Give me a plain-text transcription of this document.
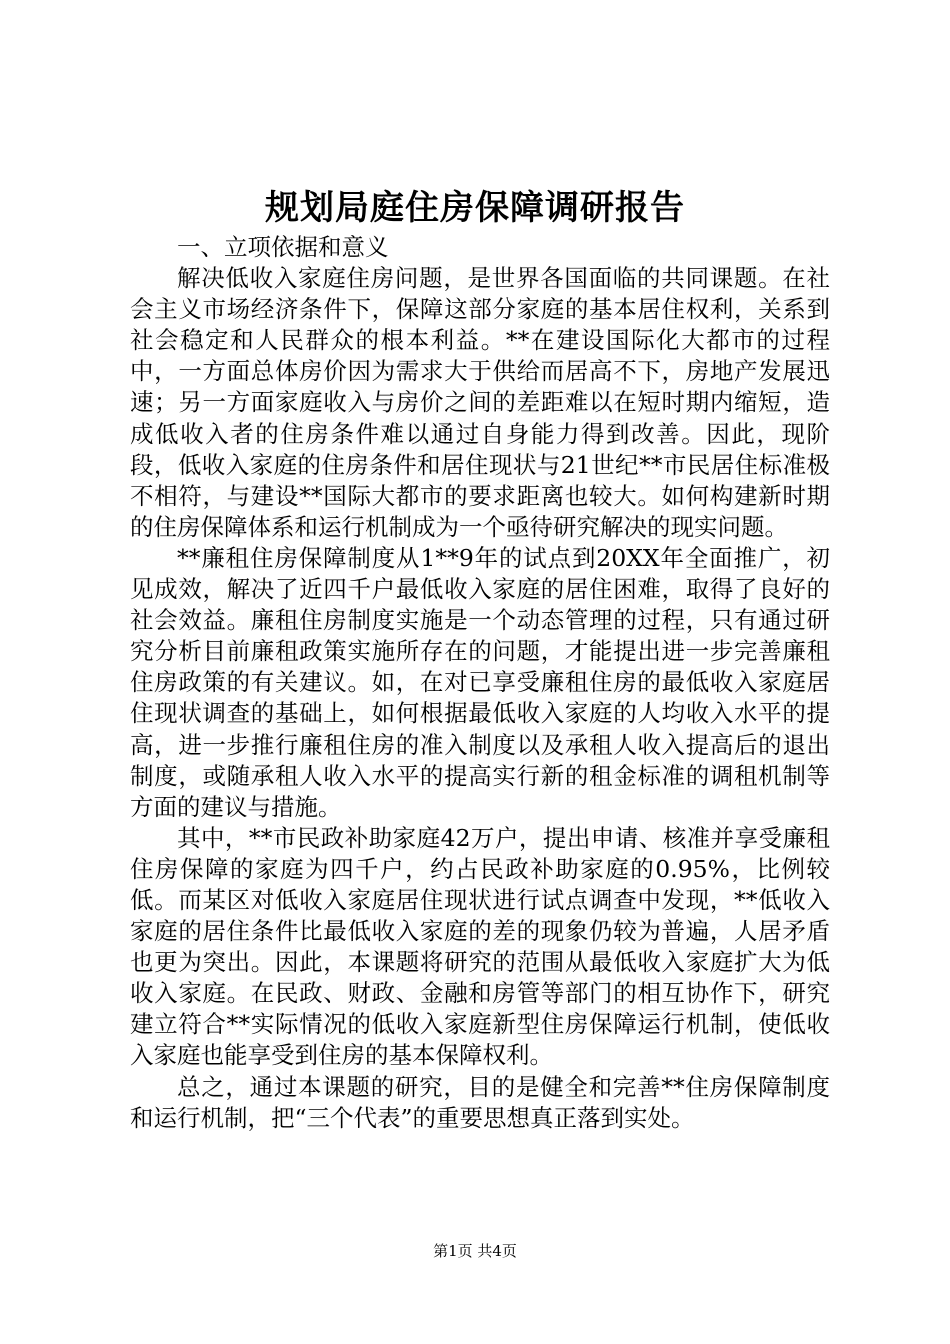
规划局庭住房保障调研报告

一、立项依据和意义

解决低收入家庭住房问题，是世界各国面临的共同课题。在社会主义市场经济条件下，保障这部分家庭的基本居住权利，关系到社会稳定和人民群众的根本利益。**在建设国际化大都市的过程中，一方面总体房价因为需求大于供给而居高不下，房地产发展迅速；另一方面家庭收入与房价之间的差距难以在短时期内缩短，造成低收入者的住房条件难以通过自身能力得到改善。因此，现阶段，低收入家庭的住房条件和居住现状与21世纪**市民居住标准极不相符，与建设**国际大都市的要求距离也较大。如何构建新时期的住房保障体系和运行机制成为一个亟待研究解决的现实问题。

**廉租住房保障制度从1**9年的试点到20XX年全面推广，初见成效，解决了近四千户最低收入家庭的居住困难，取得了良好的社会效益。廉租住房制度实施是一个动态管理的过程，只有通过研究分析目前廉租政策实施所存在的问题，才能提出进一步完善廉租住房政策的有关建议。如，在对已享受廉租住房的最低收入家庭居住现状调查的基础上，如何根据最低收入家庭的人均收入水平的提高，进一步推行廉租住房的准入制度以及承租人收入提高后的退出制度，或随承租人收入水平的提高实行新的租金标准的调租机制等方面的建议与措施。

其中，**市民政补助家庭42万户，提出申请、核准并享受廉租住房保障的家庭为四千户，约占民政补助家庭的0.95%，比例较低。而某区对低收入家庭居住现状进行试点调查中发现，**低收入家庭的居住条件比最低收入家庭的差的现象仍较为普遍，人居矛盾也更为突出。因此，本课题将研究的范围从最低收入家庭扩大为低收入家庭。在民政、财政、金融和房管等部门的相互协作下，研究建立符合**实际情况的低收入家庭新型住房保障运行机制，使低收入家庭也能享受到住房的基本保障权利。

总之，通过本课题的研究，目的是健全和完善**住房保障制度和运行机制，把“三个代表”的重要思想真正落到实处。

第1页 共4页
